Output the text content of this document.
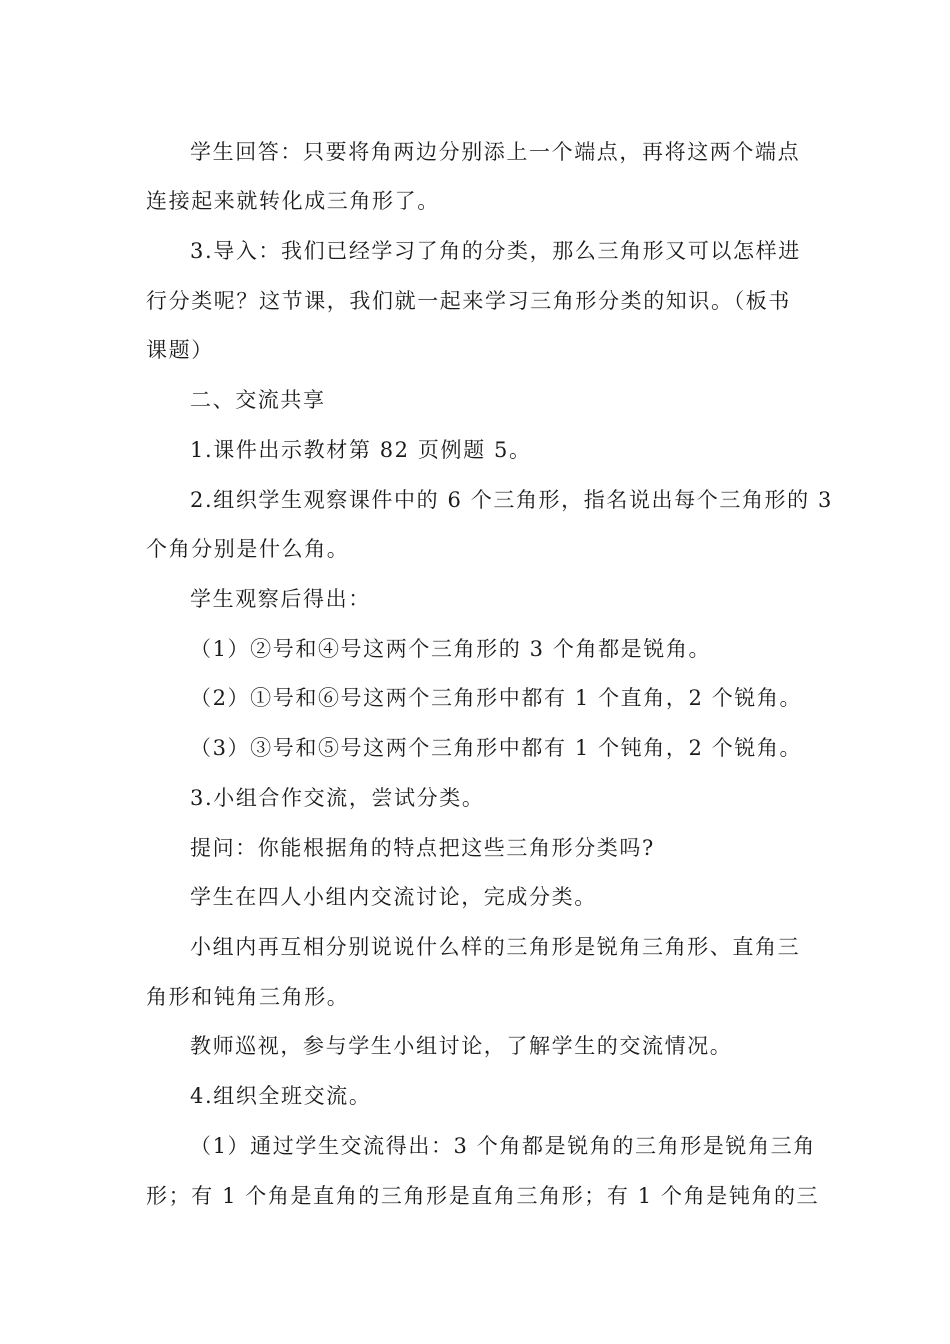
学生回答：只要将角两边分别添上一个端点，再将这两个端点
连接起来就转化成三角形了。
3.导入：我们已经学习了角的分类，那么三角形又可以怎样进
行分类呢？这节课，我们就一起来学习三角形分类的知识。（板书
课题）
二、交流共享
1.课件出示教材第 82 页例题 5。
2.组织学生观察课件中的 6 个三角形，指名说出每个三角形的 3
个角分别是什么角。
学生观察后得出：
（1）②号和④号这两个三角形的 3 个角都是锐角。
（2）①号和⑥号这两个三角形中都有 1 个直角，2 个锐角。
（3）③号和⑤号这两个三角形中都有 1 个钝角，2 个锐角。
3.小组合作交流，尝试分类。
提问：你能根据角的特点把这些三角形分类吗?
学生在四人小组内交流讨论，完成分类。
小组内再互相分别说说什么样的三角形是锐角三角形、直角三
角形和钝角三角形。
教师巡视，参与学生小组讨论，了解学生的交流情况。
4.组织全班交流。
（1）通过学生交流得出：3 个角都是锐角的三角形是锐角三角
形；有 1 个角是直角的三角形是直角三角形；有 1 个角是钝角的三
